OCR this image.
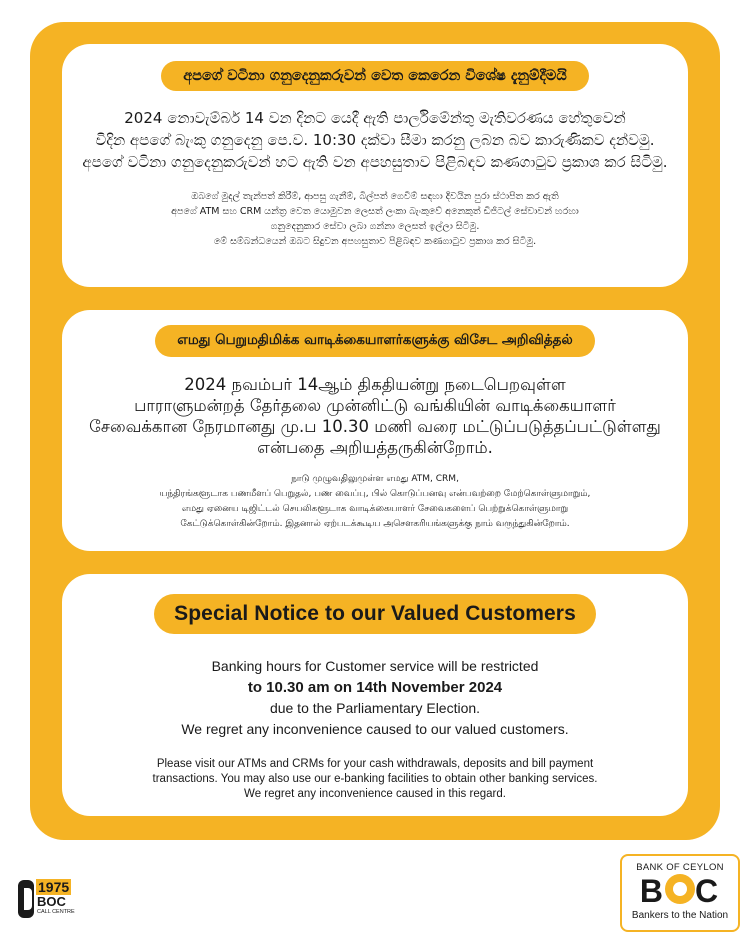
අපගේ වටිනා ගනුදෙනුකරුවන් වෙත කෙරෙන විශේෂ දැනුම්දීමයි
2024 නොවැම්බර් 14 වන දිනට යෙදී ඇති පාර්ලිමේන්තු මැතිවරණය හේතුවෙන්
විදින අපගේ බැංකු ගනුදෙනු පෙ.ව. 10:30 දක්වා සීමා කරනු ලබන බව කාරුණිකව දන්වමු.
අපගේ වටිනා ගනුදෙනුකරුවන් හට ඇති වන අපහසුතාව පිළිබඳව කණගාටුව ප්‍රකාශ කර සිටිමු.
ඔබගේ මුදල් තැන්පත් කිරීම්, ආපසු ගැනීම්, බිල්පත් ගෙවීම් සඳහා දිවයින පුරා ස්ථාපිත කර ඇති
අපගේ ATM සහ CRM යන්ත්‍ර වෙත යොමුවන ලෙසත් ලංකා බැංකුවේ අනෙකුත් ඩිජිටල් සේවාවන් හරහා
ගනුදෙනුකාර සේවා ලබා ගන්නා ලෙසත් ඉල්ලා සිටිමු.
මේ සම්බන්ධයෙන් ඔබට සිදුවන අපහසුතාව පිළිබඳව කණගාටුව ප්‍රකාශ කර සිටිමු.
எமது பெறுமதிமிக்க வாடிக்கையாளர்களுக்கு விசேட அறிவித்தல்
2024 நவம்பர் 14ஆம் திகதியன்று நடைபெறவுள்ள
பாராளுமன்றத் தேர்தலை முன்னிட்டு வங்கியின் வாடிக்கையாளர்
சேவைக்கான நேரமானது மு.ப 10.30 மணி வரை மட்டுப்படுத்தப்பட்டுள்ளது
என்பதை அறியத்தருகின்றோம்.
நாடு முழுவதிலுமுள்ள எமது ATM, CRM,
யந்திரங்களூடாக பணமீளப் பெறுதல், பண வைப்பு, பில் கொடுப்பனவு என்பவற்றை மேற்கொள்ளுமாறும்,
எமது ஏனைய டிஜிட்டல் செயலிகளூடாக வாடிக்கையாளர் சேவைகளைப் பெற்றுக்கொள்ளுமாறு
கேட்டுக்கொள்கின்றோம். இதனால் ஏற்படக்கூடிய அசௌகரியங்களுக்கு நாம் வருந்துகின்றோம்.
Special Notice to our Valued Customers
Banking hours for Customer service will be restricted
to 10.30 am on 14th November 2024
due to the Parliamentary Election.
We regret any inconvenience caused to our valued customers.
Please visit our ATMs and CRMs for your cash withdrawals, deposits and bill payment
transactions. You may also use our e-banking facilities to obtain other banking services.
We regret any inconvenience caused in this regard.
1975
BOC
CALL CENTRE
BANK OF CEYLON
B C
Bankers to the Nation
